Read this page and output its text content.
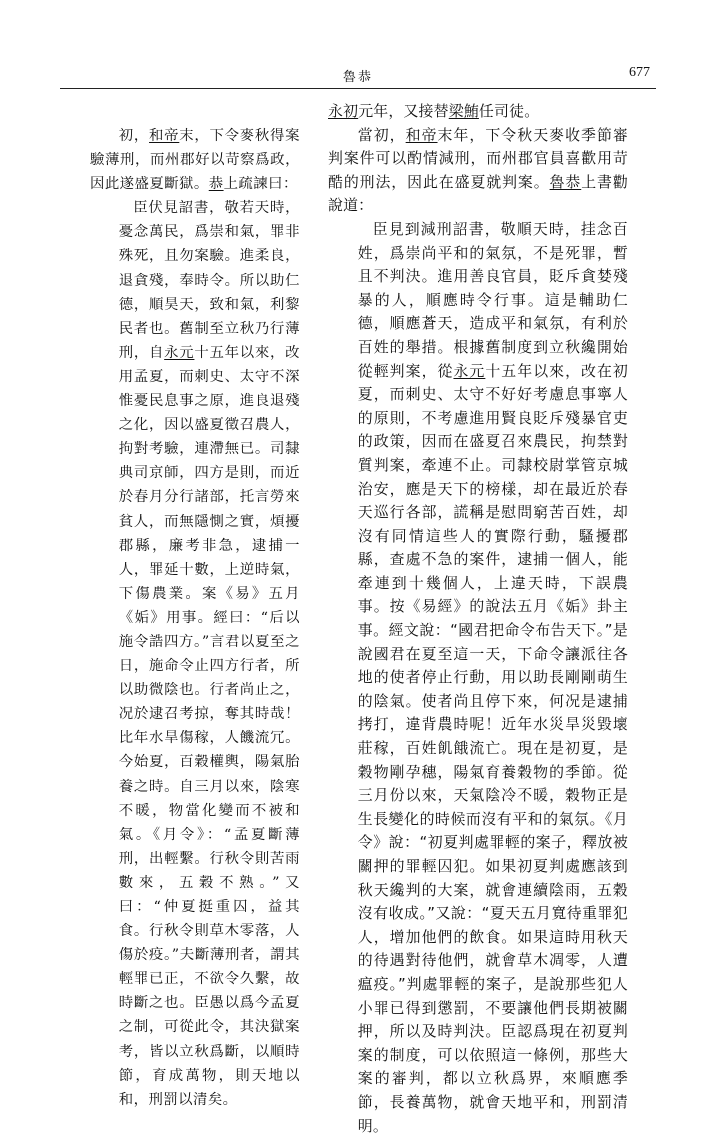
魯恭	677

初，和帝末，下令麥秋得案驗薄刑，而州郡好以苛察爲政，因此遂盛夏斷獄。恭上疏諫曰：

臣伏見詔書，敬若天時，憂念萬民，爲崇和氣，罪非殊死，且勿案驗。進柔良，退貪殘，奉時令。所以助仁德，順昊天，致和氣，利黎民者也。舊制至立秋乃行薄刑，自永元十五年以來，改用孟夏，而刺史、太守不深惟憂民息事之原，進良退殘之化，因以盛夏徵召農人，拘對考驗，連滯無已。司隸典司京師，四方是則，而近於春月分行諸部，托言勞來貧人，而無隱惻之實，煩擾郡縣，廉考非急，逮捕一人，罪延十數，上逆時氣，下傷農業。案《易》五月《姤》用事。經曰：“后以施令誥四方。”言君以夏至之日，施命令止四方行者，所以助微陰也。行者尚止之，况於逮召考掠，奪其時哉！比年水旱傷稼，人饑流冗。今始夏，百穀權輿，陽氣胎養之時。自三月以來，陰寒不暖，物當化變而不被和氣。《月令》：“孟夏斷薄刑，出輕繫。行秋令則苦雨數來，五穀不熟。”又曰：“仲夏挺重囚，益其食。行秋令則草木零落，人傷於疫。”夫斷薄刑者，謂其輕罪已正，不欲令久繫，故時斷之也。臣愚以爲今孟夏之制，可從此令，其決獄案考，皆以立秋爲斷，以順時節，育成萬物，則天地以和，刑罰以清矣。

永初元年，又接替梁鮪任司徒。

當初，和帝末年，下令秋天麥收季節審判案件可以酌情減刑，而州郡官員喜歡用苛酷的刑法，因此在盛夏就判案。魯恭上書勸說道：

臣見到減刑詔書，敬順天時，挂念百姓，爲崇尚平和的氣氛，不是死罪，暫且不判決。進用善良官員，貶斥貪婪殘暴的人，順應時令行事。這是輔助仁德，順應蒼天，造成平和氣氛，有利於百姓的舉措。根據舊制度到立秋纔開始從輕判案，從永元十五年以來，改在初夏，而刺史、太守不好好考慮息事寧人的原則，不考慮進用賢良貶斥殘暴官吏的政策，因而在盛夏召來農民，拘禁對質判案，牽連不止。司隸校尉掌管京城治安，應是天下的榜樣，却在最近於春天巡行各部，謊稱是慰問窮苦百姓，却沒有同情這些人的實際行動，騷擾郡縣，查處不急的案件，逮捕一個人，能牽連到十幾個人，上違天時，下誤農事。按《易經》的說法五月《姤》卦主事。經文說：“國君把命令布告天下。”是說國君在夏至這一天，下命令讓派往各地的使者停止行動，用以助長剛剛萌生的陰氣。使者尚且停下來，何况是逮捕拷打，違背農時呢！近年水災旱災毀壞莊稼，百姓飢餓流亡。現在是初夏，是穀物剛孕穗，陽氣育養穀物的季節。從三月份以來，天氣陰冷不暖，穀物正是生長變化的時候而沒有平和的氣氛。《月令》說：“初夏判處罪輕的案子，釋放被關押的罪輕囚犯。如果初夏判處應該到秋天纔判的大案，就會連續陰雨，五穀沒有收成。”又說：“夏天五月寬待重罪犯人，增加他們的飲食。如果這時用秋天的待遇對待他們，就會草木凋零，人遭瘟疫。”判處罪輕的案子，是說那些犯人小罪已得到懲罰，不要讓他們長期被關押，所以及時判決。臣認爲現在初夏判案的制度，可以依照這一條例，那些大案的審判，都以立秋爲界，來順應季節，長養萬物，就會天地平和，刑罰清明。
